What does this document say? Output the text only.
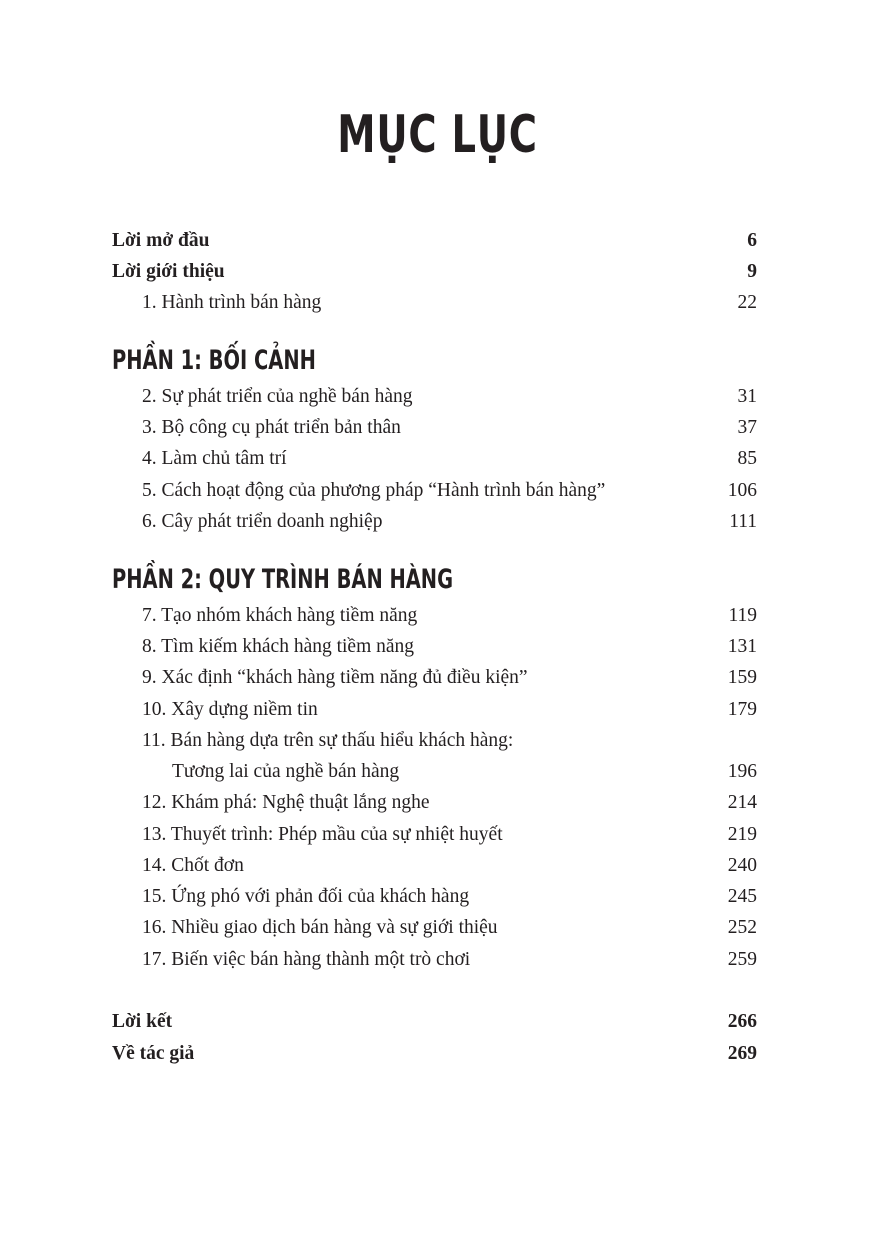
MỤC LỤC
Lời mở đầu	6
Lời giới thiệu	9
1. Hành trình bán hàng	22
PHẦN 1: BỐI CẢNH
2. Sự phát triển của nghề bán hàng	31
3. Bộ công cụ phát triển bản thân	37
4. Làm chủ tâm trí	85
5. Cách hoạt động của phương pháp “Hành trình bán hàng”	106
6. Cây phát triển doanh nghiệp	111
PHẦN 2: QUY TRÌNH BÁN HÀNG
7. Tạo nhóm khách hàng tiềm năng	119
8. Tìm kiếm khách hàng tiềm năng	131
9. Xác định “khách hàng tiềm năng đủ điều kiện”	159
10. Xây dựng niềm tin	179
11. Bán hàng dựa trên sự thấu hiểu khách hàng:
Tương lai của nghề bán hàng	196
12. Khám phá: Nghệ thuật lắng nghe	214
13. Thuyết trình: Phép mầu của sự nhiệt huyết	219
14. Chốt đơn	240
15. Ứng phó với phản đối của khách hàng	245
16. Nhiều giao dịch bán hàng và sự giới thiệu	252
17. Biến việc bán hàng thành một trò chơi	259
Lời kết	266
Về tác giả	269
